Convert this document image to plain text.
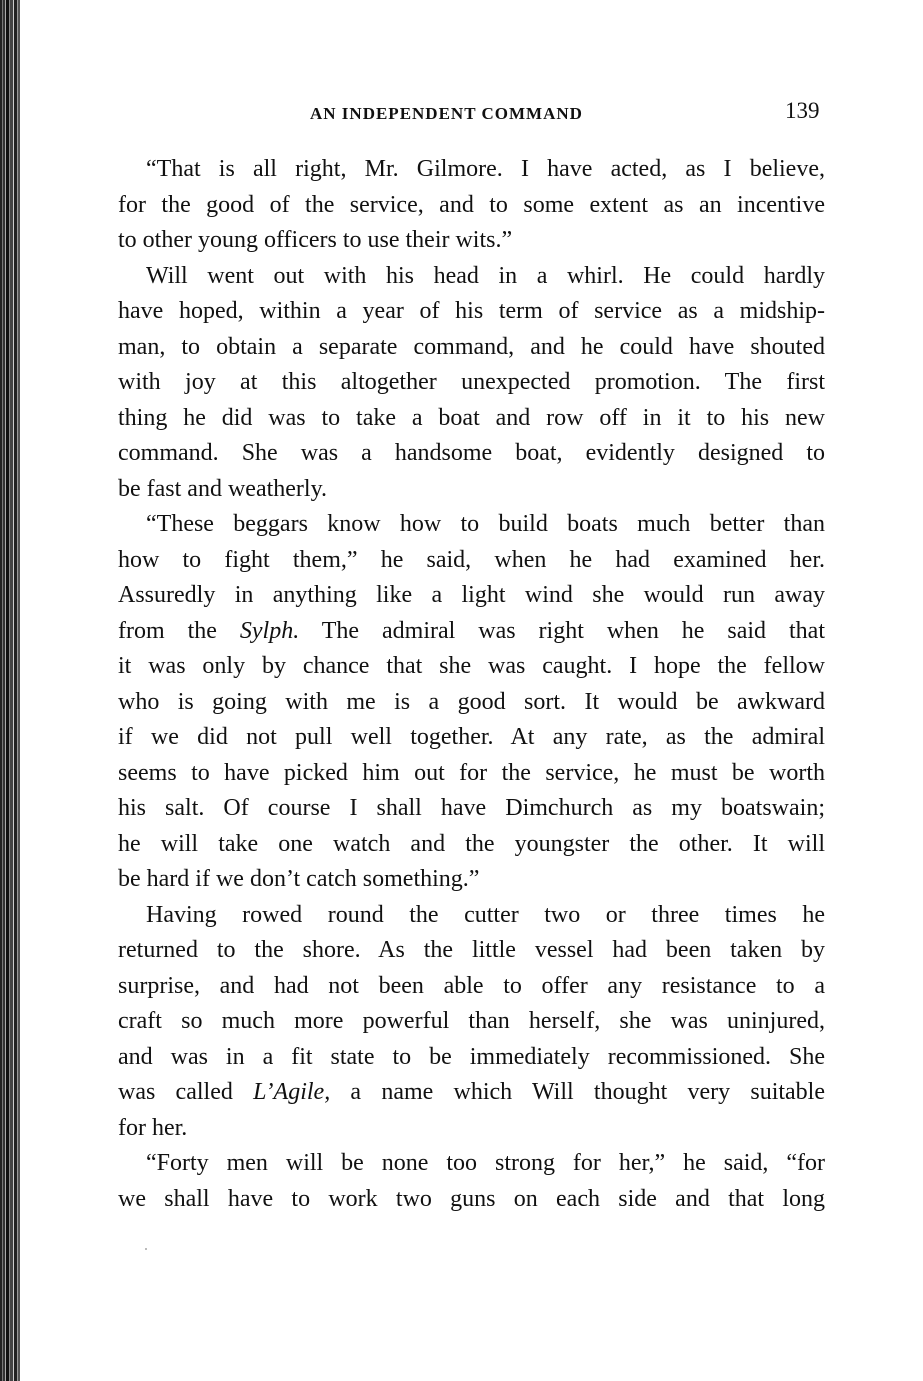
AN INDEPENDENT COMMAND	139
“That is all right, Mr. Gilmore. I have acted, as I believe,
for the good of the service, and to some extent as an incentive
to other young officers to use their wits.”
Will went out with his head in a whirl. He could hardly
have hoped, within a year of his term of service as a midship-
man, to obtain a separate command, and he could have shouted
with joy at this altogether unexpected promotion. The first
thing he did was to take a boat and row off in it to his new
command. She was a handsome boat, evidently designed to
be fast and weatherly.
“These beggars know how to build boats much better than
how to fight them,” he said, when he had examined her.
Assuredly in anything like a light wind she would run away
from the Sylph. The admiral was right when he said that
it was only by chance that she was caught. I hope the fellow
who is going with me is a good sort. It would be awkward
if we did not pull well together. At any rate, as the admiral
seems to have picked him out for the service, he must be worth
his salt. Of course I shall have Dimchurch as my boatswain;
he will take one watch and the youngster the other. It will
be hard if we don’t catch something.”
Having rowed round the cutter two or three times he
returned to the shore. As the little vessel had been taken by
surprise, and had not been able to offer any resistance to a
craft so much more powerful than herself, she was uninjured,
and was in a fit state to be immediately recommissioned. She
was called L’Agile, a name which Will thought very suitable
for her.
“Forty men will be none too strong for her,” he said, “for
we shall have to work two guns on each side and that long
